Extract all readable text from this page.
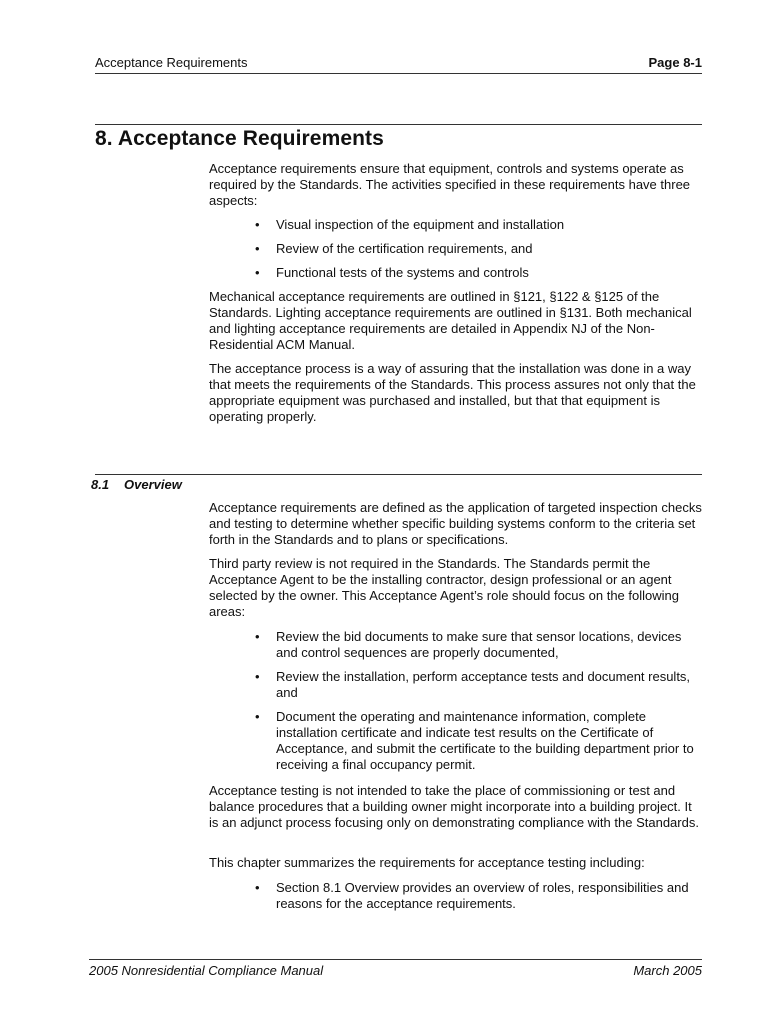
Acceptance Requirements	Page 8-1
8. Acceptance Requirements

Acceptance requirements ensure that equipment, controls and systems operate as required by the Standards. The activities specified in these requirements have three aspects:

• Visual inspection of the equipment and installation
• Review of the certification requirements, and
• Functional tests of the systems and controls

Mechanical acceptance requirements are outlined in §121, §122 & §125 of the Standards. Lighting acceptance requirements are outlined in §131. Both mechanical and lighting acceptance requirements are detailed in Appendix NJ of the Non-Residential ACM Manual.

The acceptance process is a way of assuring that the installation was done in a way that meets the requirements of the Standards. This process assures not only that the appropriate equipment was purchased and installed, but that that equipment is operating properly.

8.1 Overview

Acceptance requirements are defined as the application of targeted inspection checks and testing to determine whether specific building systems conform to the criteria set forth in the Standards and to plans or specifications.

Third party review is not required in the Standards. The Standards permit the Acceptance Agent to be the installing contractor, design professional or an agent selected by the owner. This Acceptance Agent’s role should focus on the following areas:

• Review the bid documents to make sure that sensor locations, devices and control sequences are properly documented,
• Review the installation, perform acceptance tests and document results, and
• Document the operating and maintenance information, complete installation certificate and indicate test results on the Certificate of Acceptance, and submit the certificate to the building department prior to receiving a final occupancy permit.

Acceptance testing is not intended to take the place of commissioning or test and balance procedures that a building owner might incorporate into a building project. It is an adjunct process focusing only on demonstrating compliance with the Standards.

This chapter summarizes the requirements for acceptance testing including:

• Section 8.1 Overview provides an overview of roles, responsibilities and reasons for the acceptance requirements.
2005 Nonresidential Compliance Manual	March 2005
